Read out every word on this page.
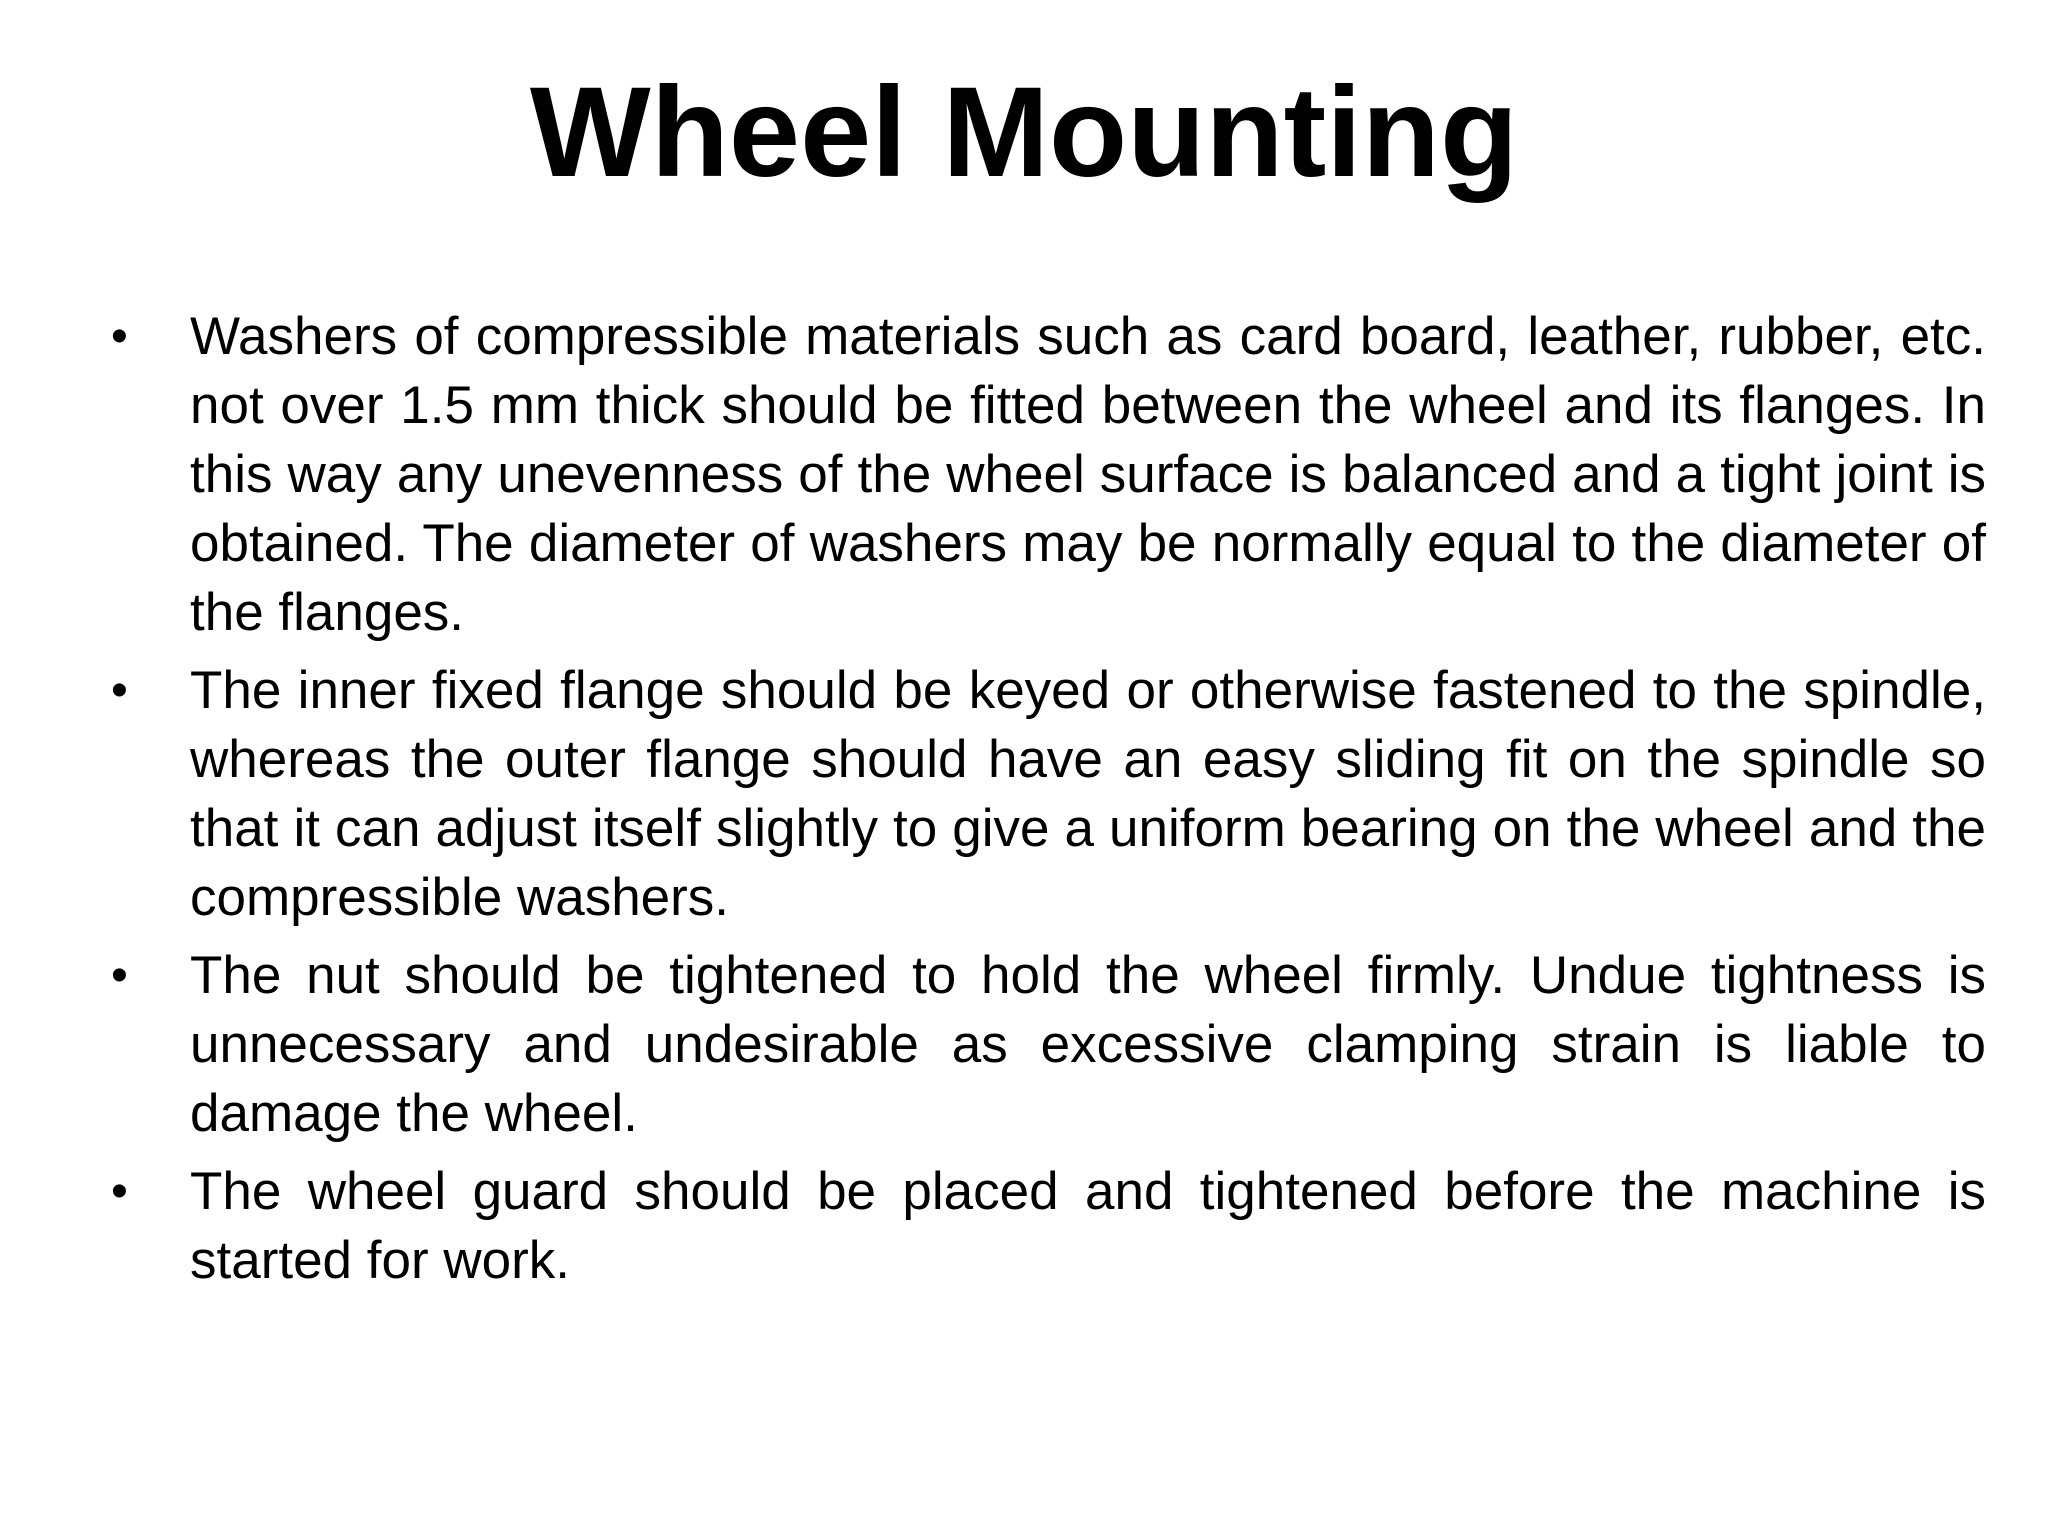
Wheel Mounting
• Washers of compressible materials such as card board, leather, rubber, etc. not over 1.5 mm thick should be fitted between the wheel and its flanges. In this way any unevenness of the wheel surface is balanced and a tight joint is obtained. The diameter of washers may be normally equal to the diameter of the flanges.
• The inner fixed flange should be keyed or otherwise fastened to the spindle, whereas the outer flange should have an easy sliding fit on the spindle so that it can adjust itself slightly to give a uniform bearing on the wheel and the compressible washers.
• The nut should be tightened to hold the wheel firmly. Undue tightness is unnecessary and undesirable as excessive clamping strain is liable to damage the wheel.
• The wheel guard should be placed and tightened before the machine is started for work.
